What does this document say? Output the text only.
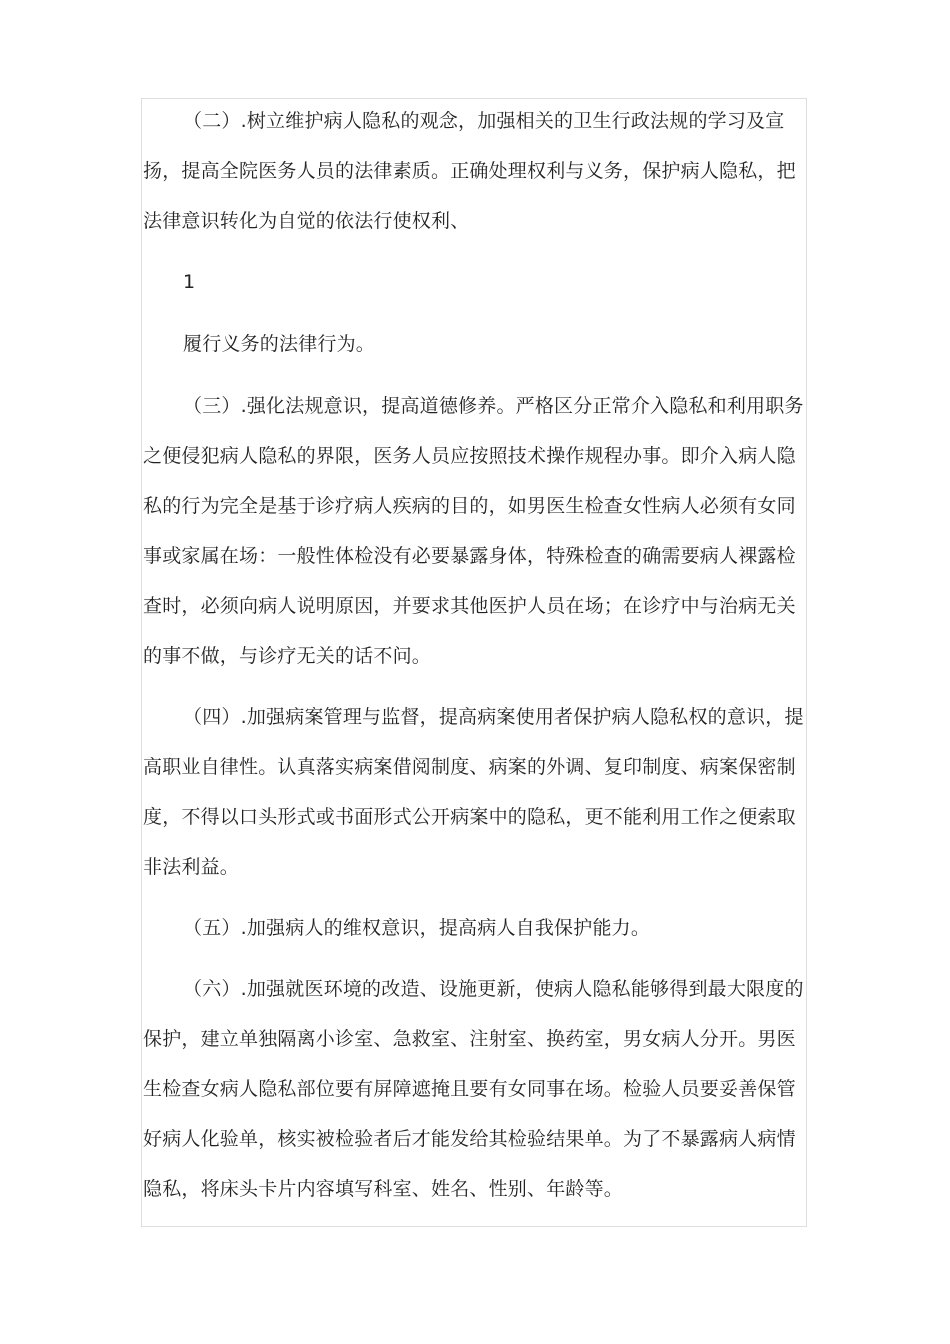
（二）.树立维护病人隐私的观念，加强相关的卫生行政法规的学习及宣
扬，提高全院医务人员的法律素质。正确处理权利与义务，保护病人隐私，把
法律意识转化为自觉的依法行使权利、
1
履行义务的法律行为。
（三）.强化法规意识，提高道德修养。严格区分正常介入隐私和利用职务
之便侵犯病人隐私的界限，医务人员应按照技术操作规程办事。即介入病人隐
私的行为完全是基于诊疗病人疾病的目的，如男医生检查女性病人必须有女同
事或家属在场：一般性体检没有必要暴露身体，特殊检查的确需要病人裸露检
查时，必须向病人说明原因，并要求其他医护人员在场；在诊疗中与治病无关
的事不做，与诊疗无关的话不问。
（四）.加强病案管理与监督，提高病案使用者保护病人隐私权的意识，提
高职业自律性。认真落实病案借阅制度、病案的外调、复印制度、病案保密制
度，不得以口头形式或书面形式公开病案中的隐私，更不能利用工作之便索取
非法利益。
（五）.加强病人的维权意识，提高病人自我保护能力。
（六）.加强就医环境的改造、设施更新，使病人隐私能够得到最大限度的
保护，建立单独隔离小诊室、急救室、注射室、换药室，男女病人分开。男医
生检查女病人隐私部位要有屏障遮掩且要有女同事在场。检验人员要妥善保管
好病人化验单，核实被检验者后才能发给其检验结果单。为了不暴露病人病情
隐私，将床头卡片内容填写科室、姓名、性别、年龄等。
